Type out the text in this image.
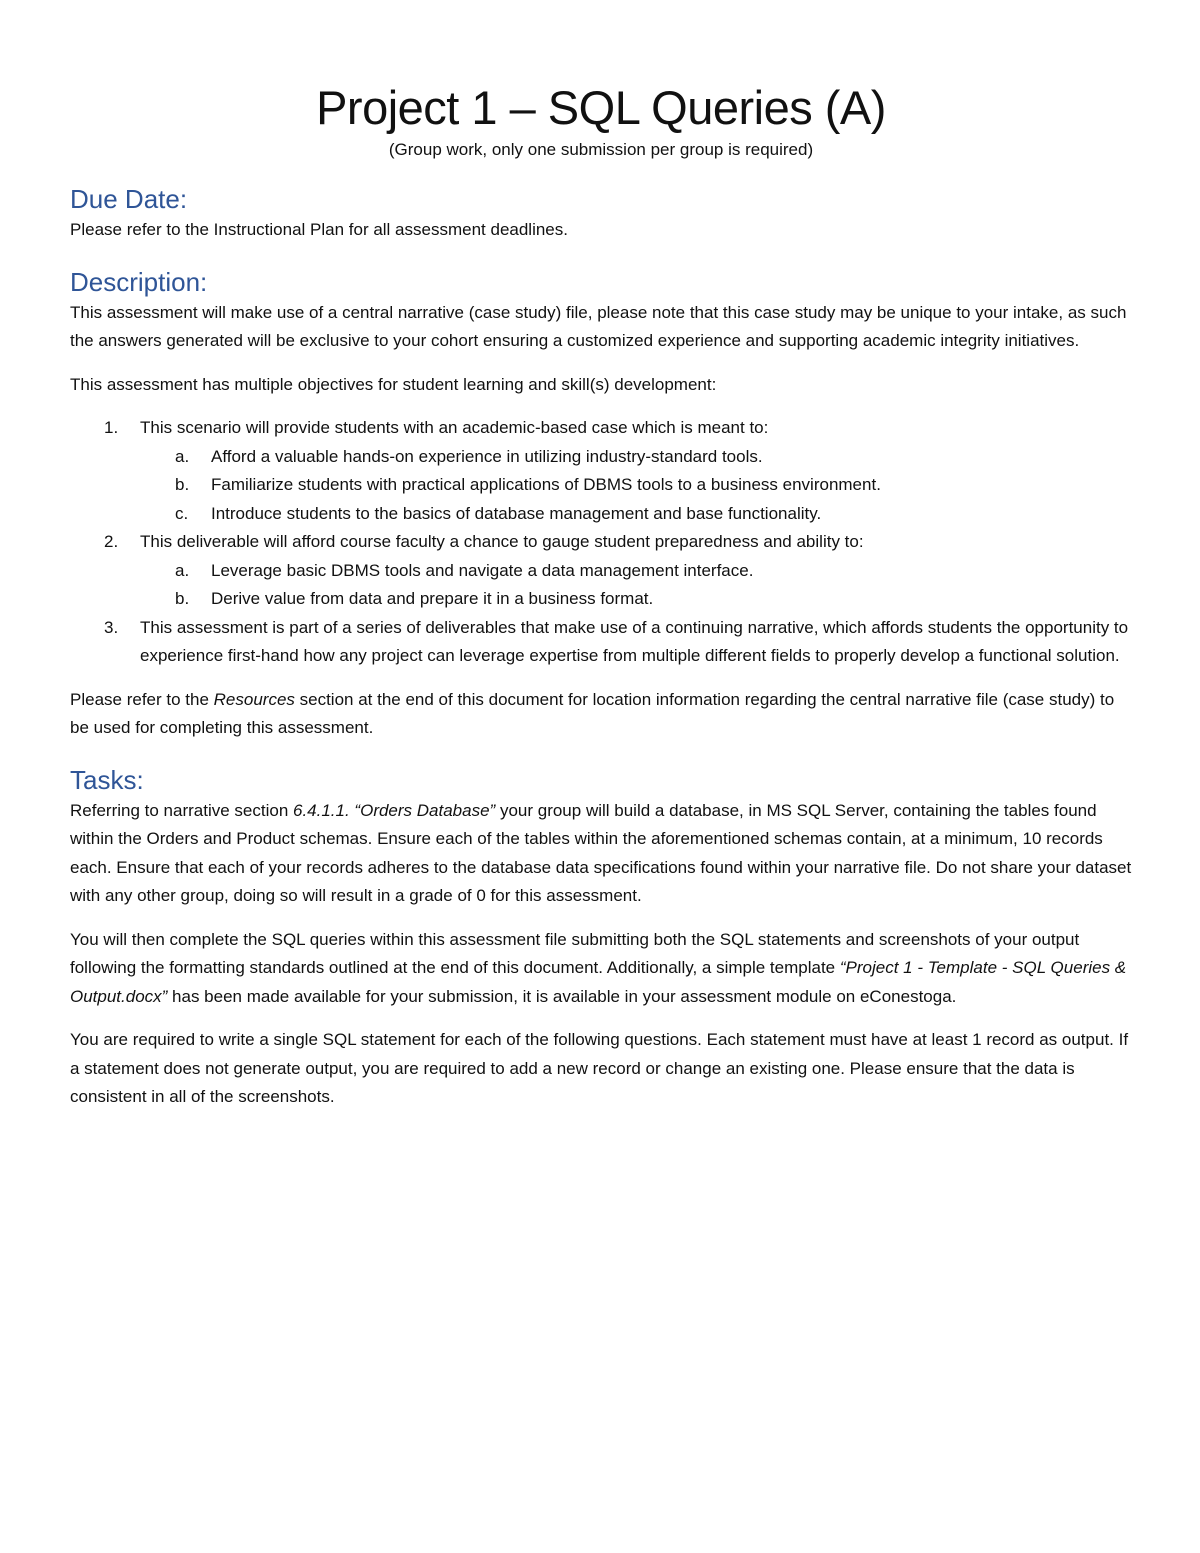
Project 1 – SQL Queries (A)

(Group work, only one submission per group is required)

Due Date:

Please refer to the Instructional Plan for all assessment deadlines.

Description:

This assessment will make use of a central narrative (case study) file, please note that this case study may be unique to your intake, as such the answers generated will be exclusive to your cohort ensuring a customized experience and supporting academic integrity initiatives.

This assessment has multiple objectives for student learning and skill(s) development:

1. This scenario will provide students with an academic-based case which is meant to:
a. Afford a valuable hands-on experience in utilizing industry-standard tools.
b. Familiarize students with practical applications of DBMS tools to a business environment.
c. Introduce students to the basics of database management and base functionality.
2. This deliverable will afford course faculty a chance to gauge student preparedness and ability to:
a. Leverage basic DBMS tools and navigate a data management interface.
b. Derive value from data and prepare it in a business format.
3. This assessment is part of a series of deliverables that make use of a continuing narrative, which affords students the opportunity to experience first-hand how any project can leverage expertise from multiple different fields to properly develop a functional solution.

Please refer to the Resources section at the end of this document for location information regarding the central narrative file (case study) to be used for completing this assessment.

Tasks:

Referring to narrative section 6.4.1.1. “Orders Database” your group will build a database, in MS SQL Server, containing the tables found within the Orders and Product schemas. Ensure each of the tables within the aforementioned schemas contain, at a minimum, 10 records each. Ensure that each of your records adheres to the database data specifications found within your narrative file. Do not share your dataset with any other group, doing so will result in a grade of 0 for this assessment.

You will then complete the SQL queries within this assessment file submitting both the SQL statements and screenshots of your output following the formatting standards outlined at the end of this document. Additionally, a simple template “Project 1 - Template - SQL Queries & Output.docx” has been made available for your submission, it is available in your assessment module on eConestoga.

You are required to write a single SQL statement for each of the following questions. Each statement must have at least 1 record as output. If a statement does not generate output, you are required to add a new record or change an existing one. Please ensure that the data is consistent in all of the screenshots.
